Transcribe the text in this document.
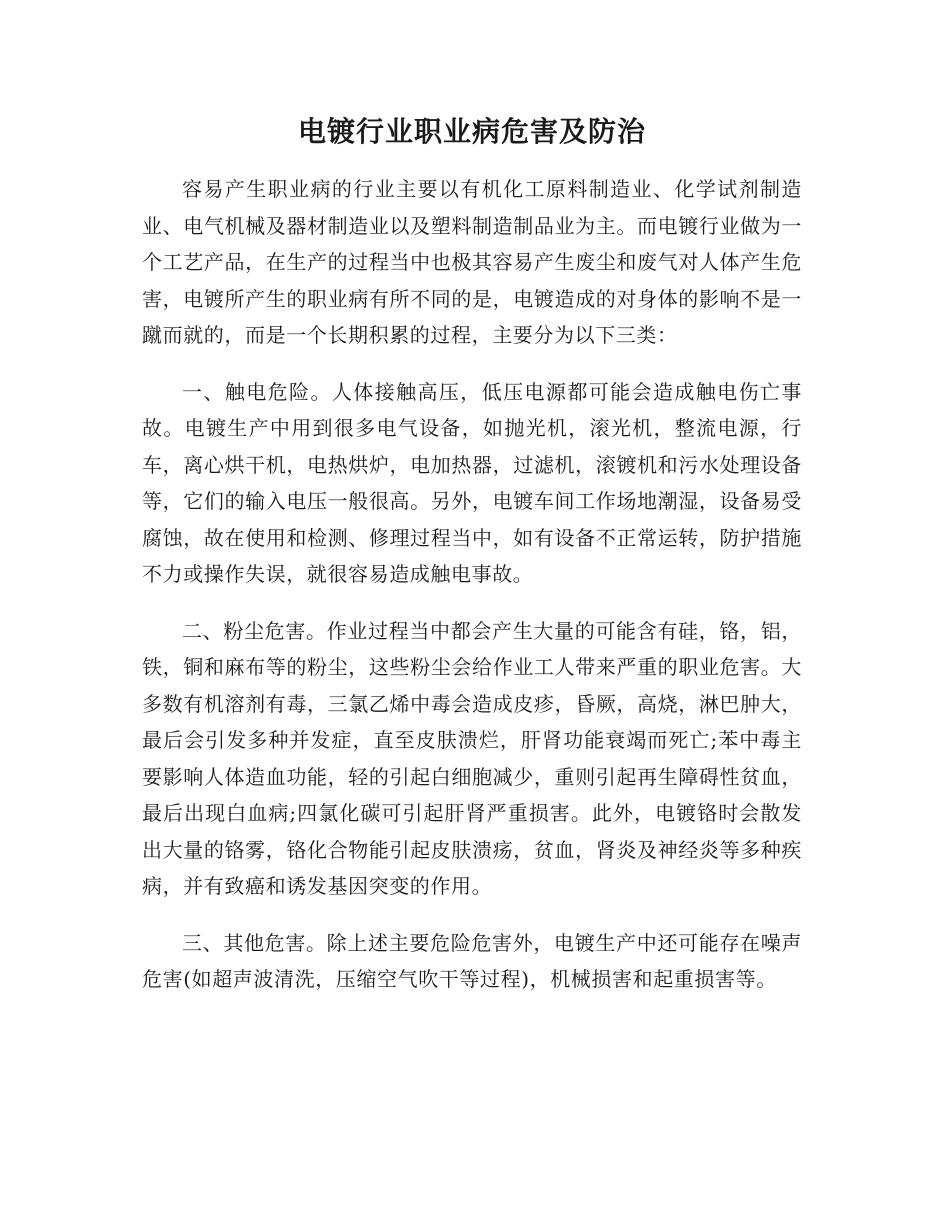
电镀行业职业病危害及防治

容易产生职业病的行业主要以有机化工原料制造业、化学试剂制造业、电气机械及器材制造业以及塑料制造制品业为主。而电镀行业做为一个工艺产品，在生产的过程当中也极其容易产生废尘和废气对人体产生危害，电镀所产生的职业病有所不同的是，电镀造成的对身体的影响不是一蹴而就的，而是一个长期积累的过程，主要分为以下三类：

一、触电危险。人体接触高压，低压电源都可能会造成触电伤亡事故。电镀生产中用到很多电气设备，如抛光机，滚光机，整流电源，行车，离心烘干机，电热烘炉，电加热器，过滤机，滚镀机和污水处理设备等，它们的输入电压一般很高。另外，电镀车间工作场地潮湿，设备易受腐蚀，故在使用和检测、修理过程当中，如有设备不正常运转，防护措施不力或操作失误，就很容易造成触电事故。

二、粉尘危害。作业过程当中都会产生大量的可能含有硅，铬，铝，铁，铜和麻布等的粉尘，这些粉尘会给作业工人带来严重的职业危害。大多数有机溶剂有毒，三氯乙烯中毒会造成皮疹，昏厥，高烧，淋巴肿大，最后会引发多种并发症，直至皮肤溃烂，肝肾功能衰竭而死亡;苯中毒主要影响人体造血功能，轻的引起白细胞减少，重则引起再生障碍性贫血，最后出现白血病;四氯化碳可引起肝肾严重损害。此外，电镀铬时会散发出大量的铬雾，铬化合物能引起皮肤溃疡，贫血，肾炎及神经炎等多种疾病，并有致癌和诱发基因突变的作用。

三、其他危害。除上述主要危险危害外，电镀生产中还可能存在噪声危害(如超声波清洗，压缩空气吹干等过程)，机械损害和起重损害等。
